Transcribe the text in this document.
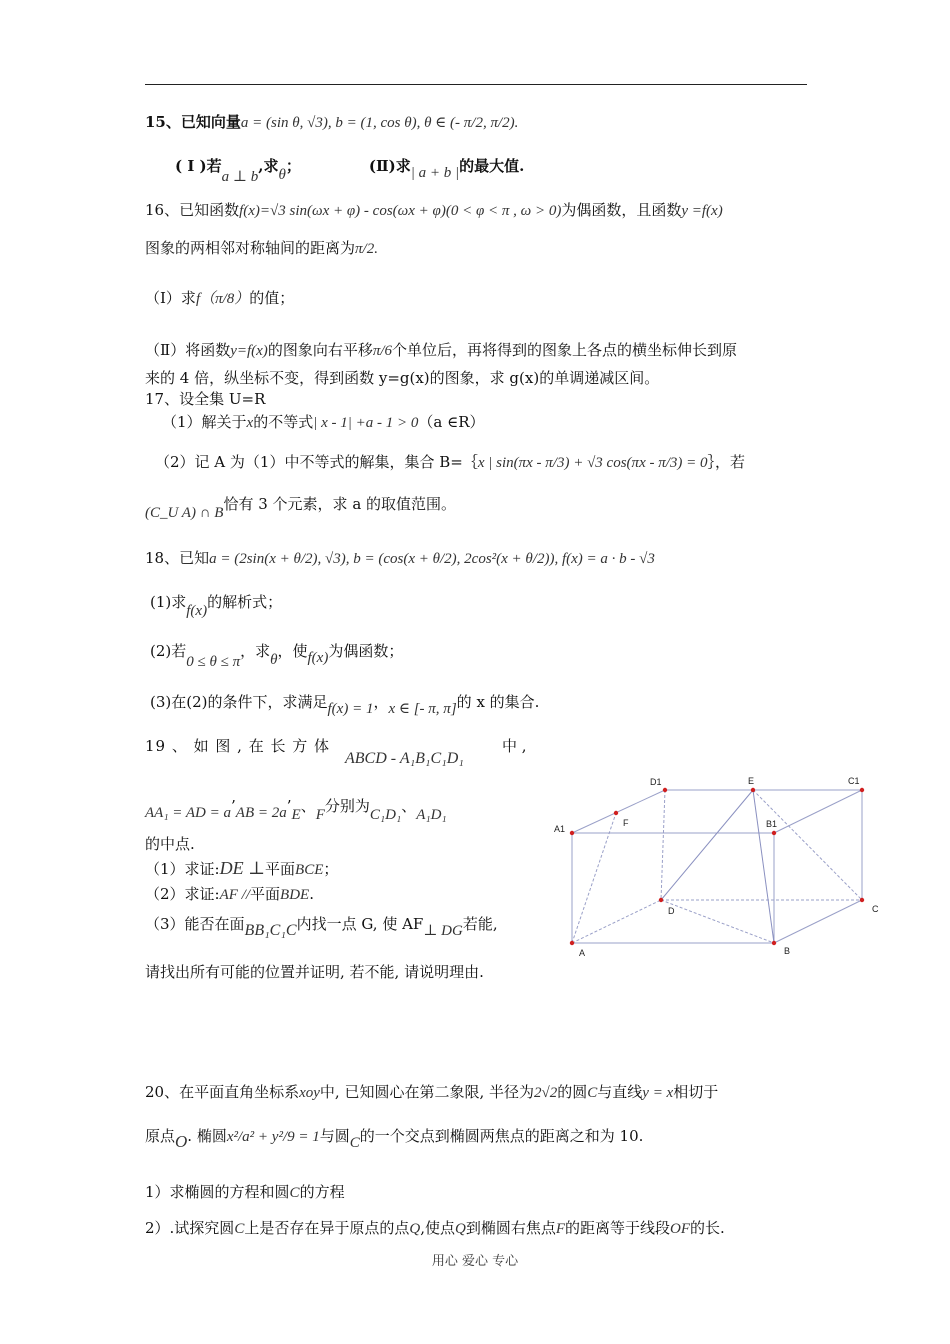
15、已知向量a = (sin θ, √3), b = (1, cos θ), θ ∈ (- π/2, π/2).
( I )若a ⊥ b,求θ；	(Ⅱ)求| a + b |的最大值.
16、已知函数f(x)=√3 sin(ωx + φ) - cos(ωx + φ)(0 < φ < π , ω > 0)为偶函数，且函数y =f(x)
图象的两相邻对称轴间的距离为π/2.
（Ⅰ）求f（π/8）的值；
（Ⅱ）将函数y=f(x)的图象向右平移π/6个单位后，再将得到的图象上各点的横坐标伸长到原
来的 4 倍，纵坐标不变，得到函数 y=g(x)的图象，求 g(x)的单调递减区间。
17、设全集 U=R
（1）解关于x的不等式| x - 1| +a - 1 > 0（a ∈R）
（2）记 A 为（1）中不等式的解集，集合 B=｛x | sin(πx - π/3) + √3 cos(πx - π/3) = 0｝，若
(C_U A) ∩ B恰有 3 个元素，求 a 的取值范围。
18、已知a = (2sin(x + θ/2), √3), b = (cos(x + θ/2), 2cos²(x + θ/2)), f(x) = a · b - √3
(1)求f(x)的解析式；
(2)若0 ≤ θ ≤ π，求θ，使f(x)为偶函数；
(3)在(2)的条件下，求满足f(x) = 1，x ∈ [- π, π]的 x 的集合.
19 、 如 图 , 在 长 方 体
ABCD - A₁B₁C₁D₁
中 ,
AA₁ = AD = a’AB = 2a’E、F分别为C₁D₁、A₁D₁
的中点.
（1）求证:DE ⊥平面BCE；
（2）求证:AF //平面BDE.
（3）能否在面BB₁C₁C内找一点 G, 使 AF⊥ DG若能,
请找出所有可能的位置并证明, 若不能, 请说明理由.
D1	E	C1
A1
F	B1
D	C
A	B
20、在平面直角坐标系xoy中, 已知圆心在第二象限, 半径为2√2的圆C与直线y = x相切于
原点O. 椭圆x²/a² + y²/9 = 1与圆C的一个交点到椭圆两焦点的距离之和为 10.
1）求椭圆的方程和圆C的方程
2）.试探究圆C上是否存在异于原点的点Q,使点Q到椭圆右焦点F的距离等于线段OF的长.
用心 爱心 专心
